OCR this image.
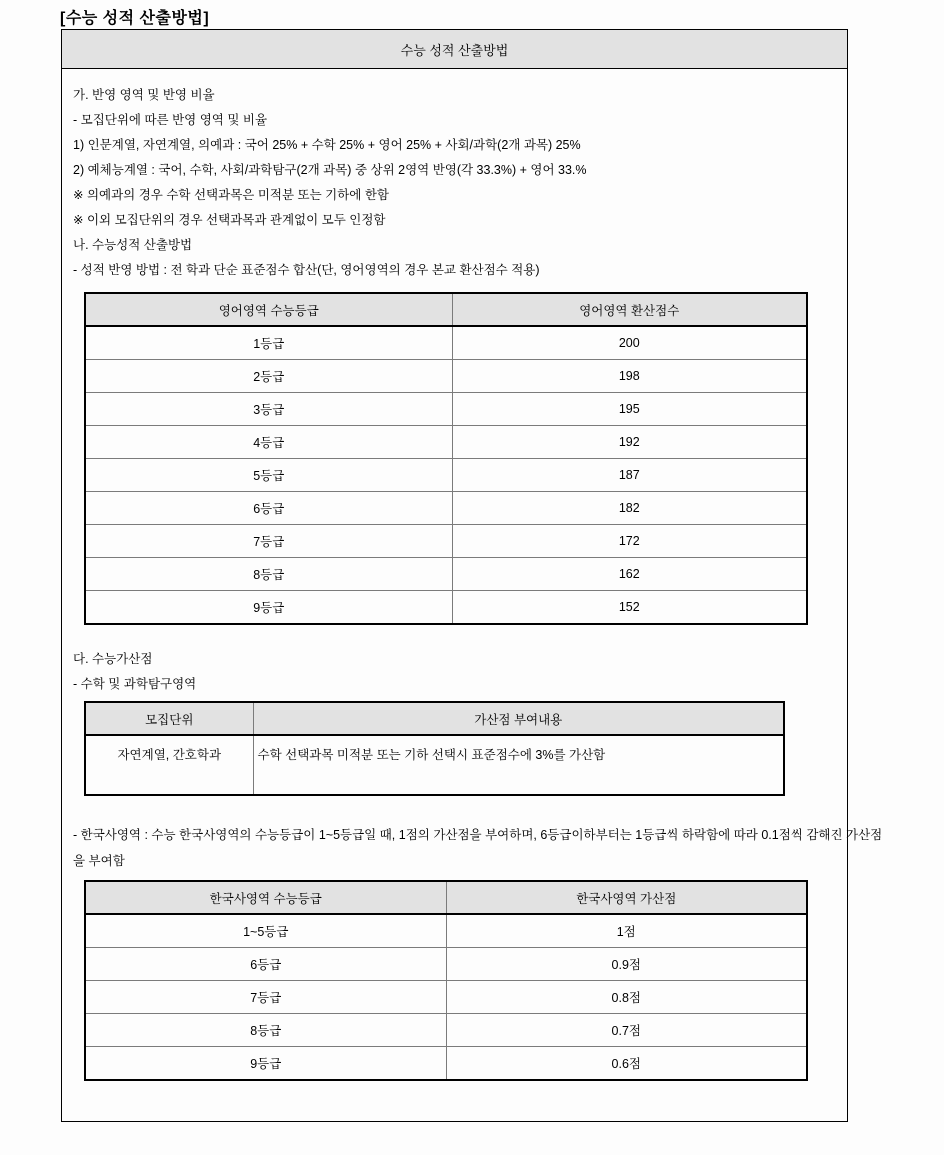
[수능 성적 산출방법]
수능 성적 산출방법
가. 반영 영역 및 반영 비율
- 모집단위에 따른 반영 영역 및 비율
1) 인문계열, 자연계열, 의예과 : 국어 25% + 수학 25% + 영어 25% + 사회/과학(2개 과목) 25%
2) 예체능계열 : 국어, 수학, 사회/과학탐구(2개 과목) 중 상위 2영역 반영(각 33.3%) + 영어 33.%
※ 의예과의 경우 수학 선택과목은 미적분 또는 기하에 한함
※ 이외 모집단위의 경우 선택과목과 관계없이 모두 인정함
나. 수능성적 산출방법
- 성적 반영 방법 : 전 학과 단순 표준점수 합산(단, 영어영역의 경우 본교 환산점수 적용)
영어영역 수능등급	영어영역 환산점수
1등급	200
2등급	198
3등급	195
4등급	192
5등급	187
6등급	182
7등급	172
8등급	162
9등급	152
다. 수능가산점
- 수학 및 과학탐구영역
모집단위	가산점 부여내용
자연계열, 간호학과	수학 선택과목 미적분 또는 기하 선택시 표준점수에 3%를 가산함
- 한국사영역 : 수능 한국사영역의 수능등급이 1~5등급일 때, 1점의 가산점을 부여하며, 6등급이하부터는 1등급씩 하락함에 따라 0.1점씩 감해진 가산점을 부여함
한국사영역 수능등급	한국사영역 가산점
1~5등급	1점
6등급	0.9점
7등급	0.8점
8등급	0.7점
9등급	0.6점
